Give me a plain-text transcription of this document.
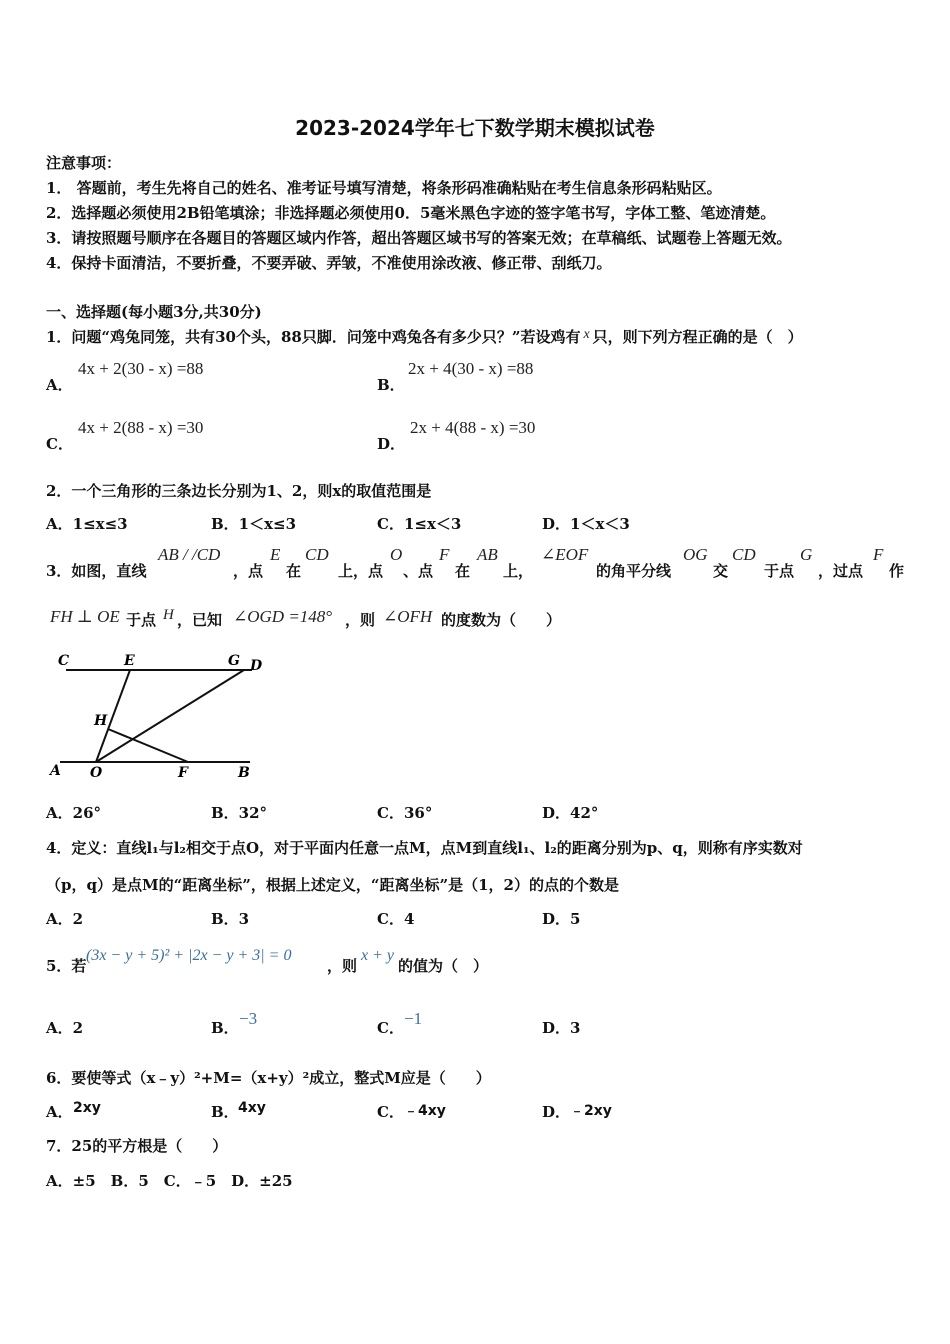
2023-2024学年七下数学期末模拟试卷
注意事项：
1． 答题前，考生先将自己的姓名、准考证号填写清楚，将条形码准确粘贴在考生信息条形码粘贴区。
2．选择题必须使用2B铅笔填涂；非选择题必须使用0．5毫米黑色字迹的签字笔书写，字体工整、笔迹清楚。
3．请按照题号顺序在各题目的答题区域内作答，超出答题区域书写的答案无效；在草稿纸、试题卷上答题无效。
4．保持卡面清洁，不要折叠，不要弄破、弄皱，不准使用涂改液、修正带、刮纸刀。
一、选择题(每小题3分,共30分)
1．问题“鸡兔同笼，共有30个头，88只脚．问笼中鸡兔各有多少只？”若设鸡有 x 只，则下列方程正确的是（　）
A．
4x + 2(30 - x) =88
B．
2x + 4(30 - x) =88
C．
4x + 2(88 - x) =30
D．
2x + 4(88 - x) =30
2．一个三角形的三条边长分别为1、2，则x的取值范围是
A．1≤x≤3	B．1＜x≤3	C．1≤x＜3	D．1＜x＜3
3．如图，直线
AB / /CD
，点
E
在
CD
上，点
O
、点
F
在
AB
上，
∠EOF
的角平分线
OG
交
CD
于点
G
，过点
F
作
FH ⊥ OE 于点 H ，已知 ∠OGD =148° ，则 ∠OFH 的度数为（　　）
C	E	G D
H
A O	F	B
A．26°	B．32°	C．36°	D．42°
4．定义：直线l₁与l₂相交于点O，对于平面内任意一点M，点M到直线l₁、l₂的距离分别为p、q，则称有序实数对
（p，q）是点M的“距离坐标”，根据上述定义，“距离坐标”是（1，2）的点的个数是
A．2	B．3	C．4	D．5
5．若
(3x − y + 5)² + |2x − y + 3| = 0
，则
x + y
的值为（　）
A．2	B． −3	C． −1	D．3
6．要使等式（x﹣y）²+M=（x+y）²成立，整式M应是（　　）
A． 2xy	B． 4xy	C． ﹣4xy	D． ﹣2xy
7．25的平方根是（　　）
A．±5　B．5　C．﹣5　D．±25
